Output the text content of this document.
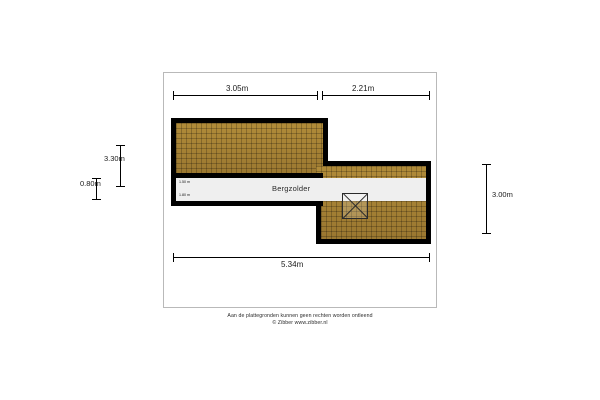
Bergzolder
1.50 m
1.80 m
3.05m	2.21m
5.34m
3.30m
0.80m
3.00m
Aan de plattegronden kunnen geen rechten worden ontleend
© Zibber www.zibber.nl
